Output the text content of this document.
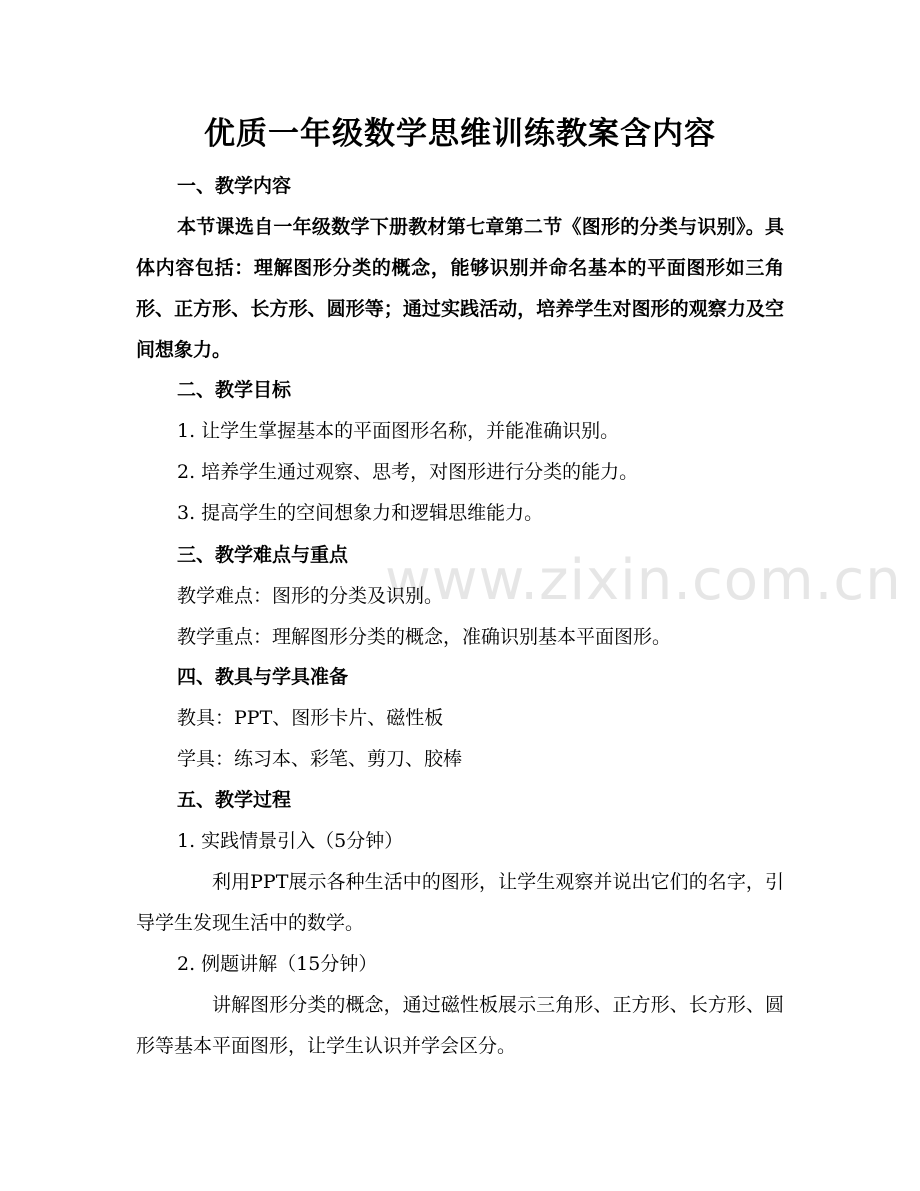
www.zixin.com.cn
优质一年级数学思维训练教案含内容
一、教学内容
本节课选自一年级数学下册教材第七章第二节《图形的分类与识别》。具体内容包括：理解图形分类的概念，能够识别并命名基本的平面图形如三角形、正方形、长方形、圆形等；通过实践活动，培养学生对图形的观察力及空间想象力。
二、教学目标
1. 让学生掌握基本的平面图形名称，并能准确识别。
2. 培养学生通过观察、思考，对图形进行分类的能力。
3. 提高学生的空间想象力和逻辑思维能力。
三、教学难点与重点
教学难点：图形的分类及识别。
教学重点：理解图形分类的概念，准确识别基本平面图形。
四、教具与学具准备
教具：PPT、图形卡片、磁性板
学具：练习本、彩笔、剪刀、胶棒
五、教学过程
1. 实践情景引入（5分钟）
利用PPT展示各种生活中的图形，让学生观察并说出它们的名字，引导学生发现生活中的数学。
2. 例题讲解（15分钟）
讲解图形分类的概念，通过磁性板展示三角形、正方形、长方形、圆形等基本平面图形，让学生认识并学会区分。
